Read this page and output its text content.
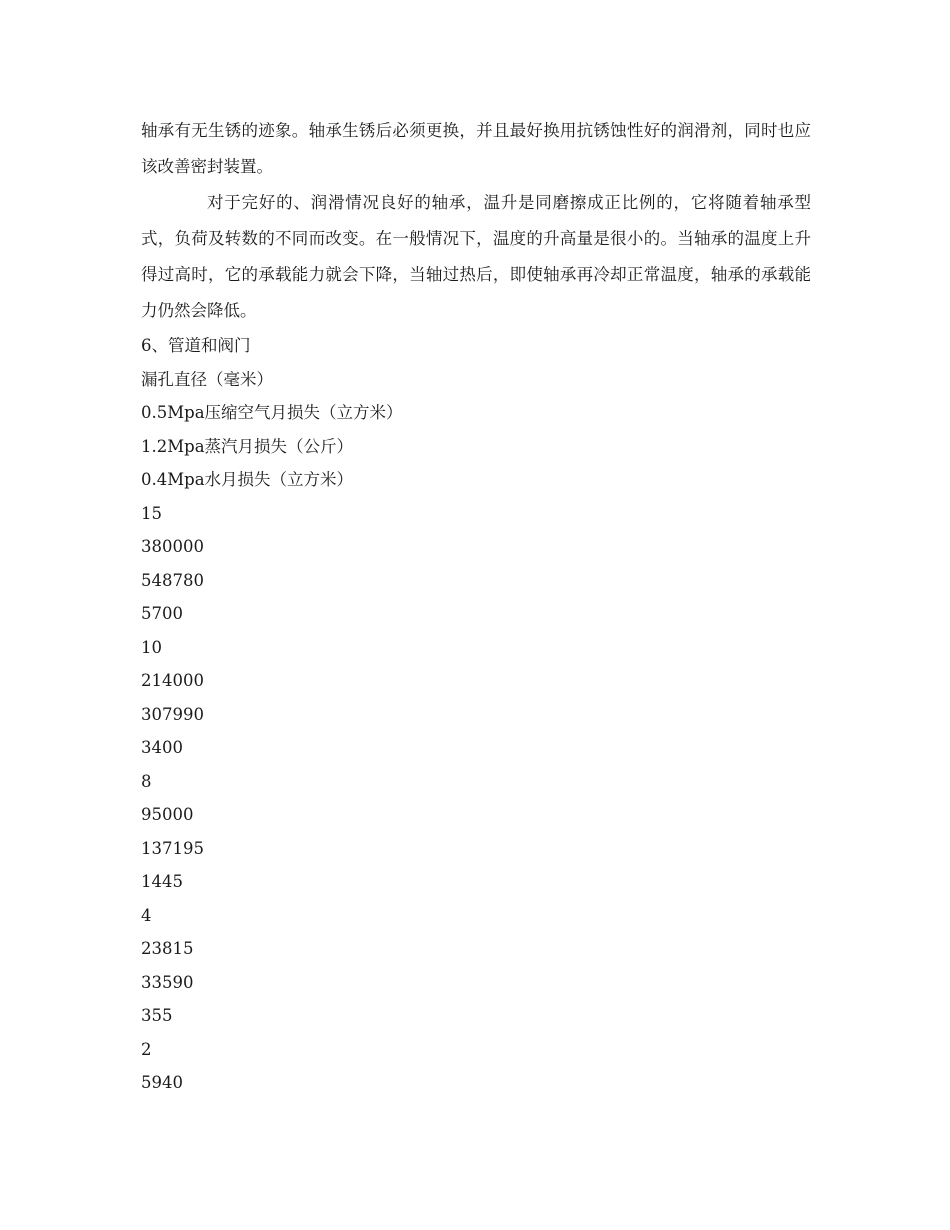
轴承有无生锈的迹象。轴承生锈后必须更换，并且最好换用抗锈蚀性好的润滑剂，同时也应该改善密封装置。

对于完好的、润滑情况良好的轴承，温升是同磨擦成正比例的，它将随着轴承型式，负荷及转数的不同而改变。在一般情况下，温度的升高量是很小的。当轴承的温度上升得过高时，它的承载能力就会下降，当轴过热后，即使轴承再冷却正常温度，轴承的承载能力仍然会降低。

6、管道和阀门

漏孔直径（毫米）

0.5Mpa压缩空气月损失（立方米）

1.2Mpa蒸汽月损失（公斤）

0.4Mpa水月损失（立方米）

15

380000

548780

5700

10

214000

307990

3400

8

95000

137195

1445

4

23815

33590

355

2

5940
